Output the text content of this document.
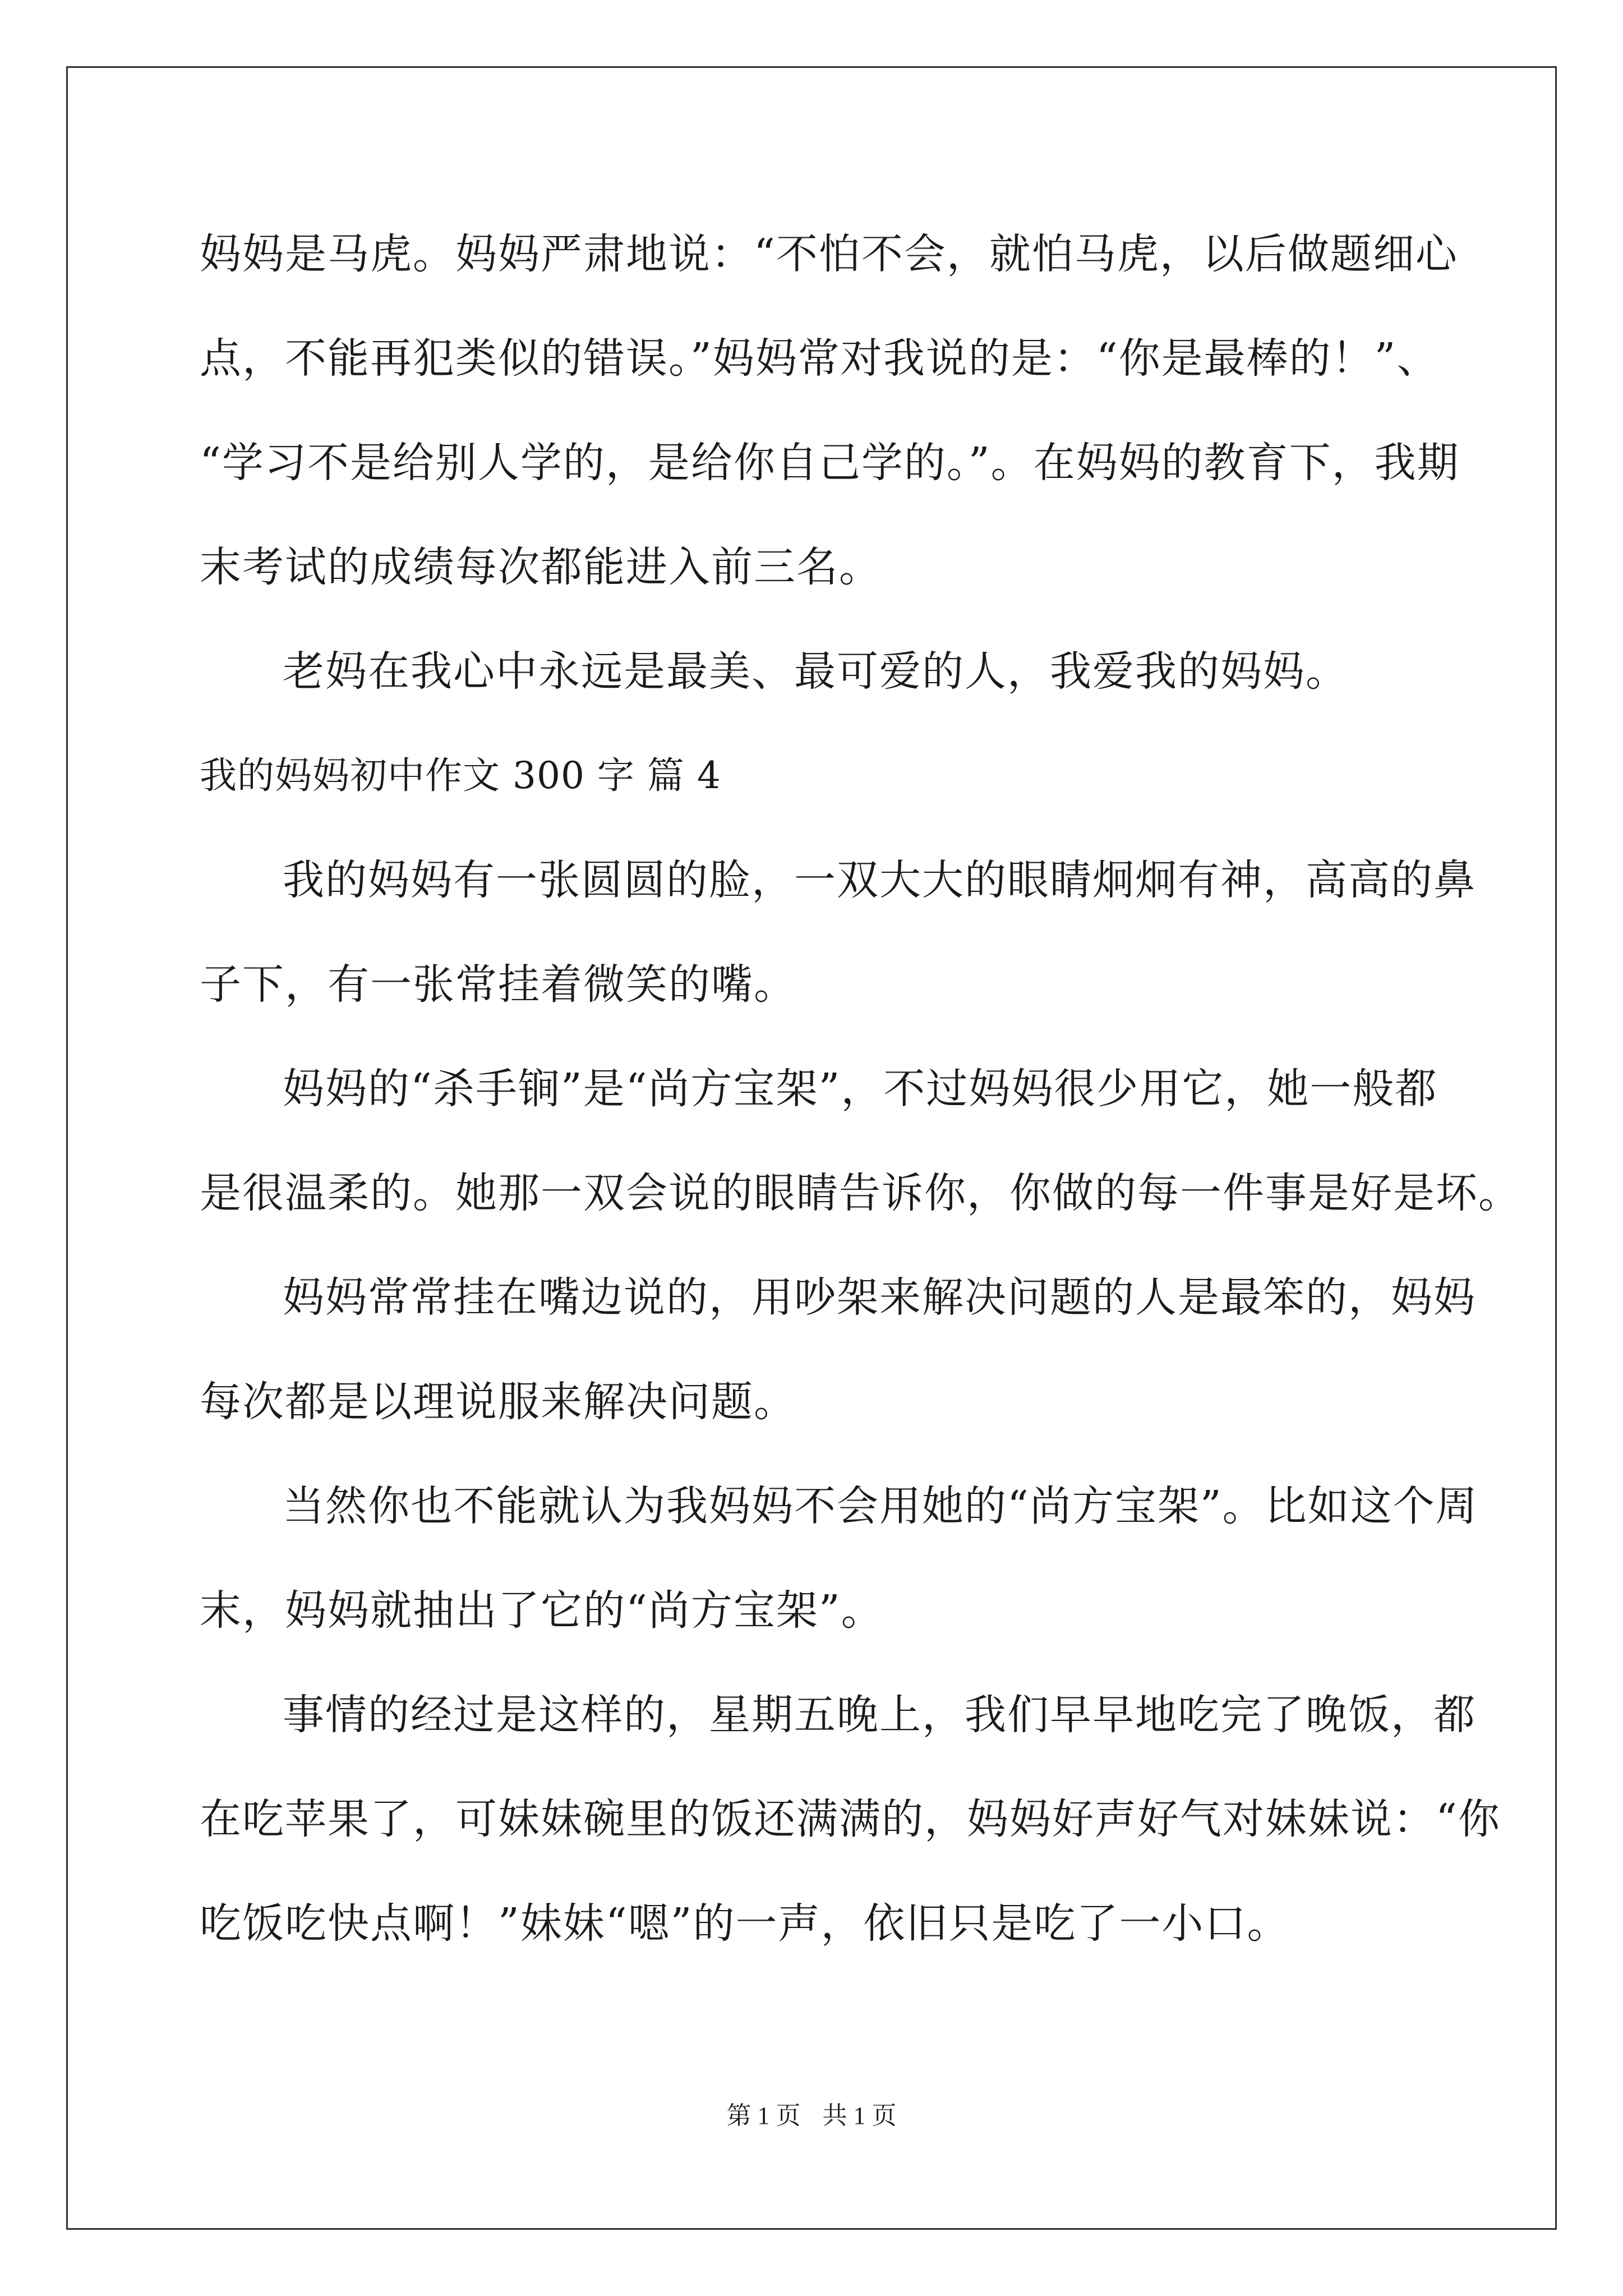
妈妈是马虎。妈妈严肃地说：“不怕不会，就怕马虎，以后做题细心
点，不能再犯类似的错误。”妈妈常对我说的是：“你是最棒的！”、
“学习不是给别人学的，是给你自己学的。”。在妈妈的教育下，我期
末考试的成绩每次都能进入前三名。
老妈在我心中永远是最美、最可爱的人，我爱我的妈妈。
我的妈妈初中作文 300 字 篇 4
我的妈妈有一张圆圆的脸，一双大大的眼睛炯炯有神，高高的鼻
子下，有一张常挂着微笑的嘴。
妈妈的“杀手锏”是“尚方宝架”，不过妈妈很少用它，她一般都
是很温柔的。她那一双会说的眼睛告诉你，你做的每一件事是好是坏。
妈妈常常挂在嘴边说的，用吵架来解决问题的人是最笨的，妈妈
每次都是以理说服来解决问题。
当然你也不能就认为我妈妈不会用她的“尚方宝架”。比如这个周
末，妈妈就抽出了它的“尚方宝架”。
事情的经过是这样的，星期五晚上，我们早早地吃完了晚饭，都
在吃苹果了，可妹妹碗里的饭还满满的，妈妈好声好气对妹妹说：“你
吃饭吃快点啊！”妹妹“嗯”的一声，依旧只是吃了一小口。
第 1 页 共 1 页
